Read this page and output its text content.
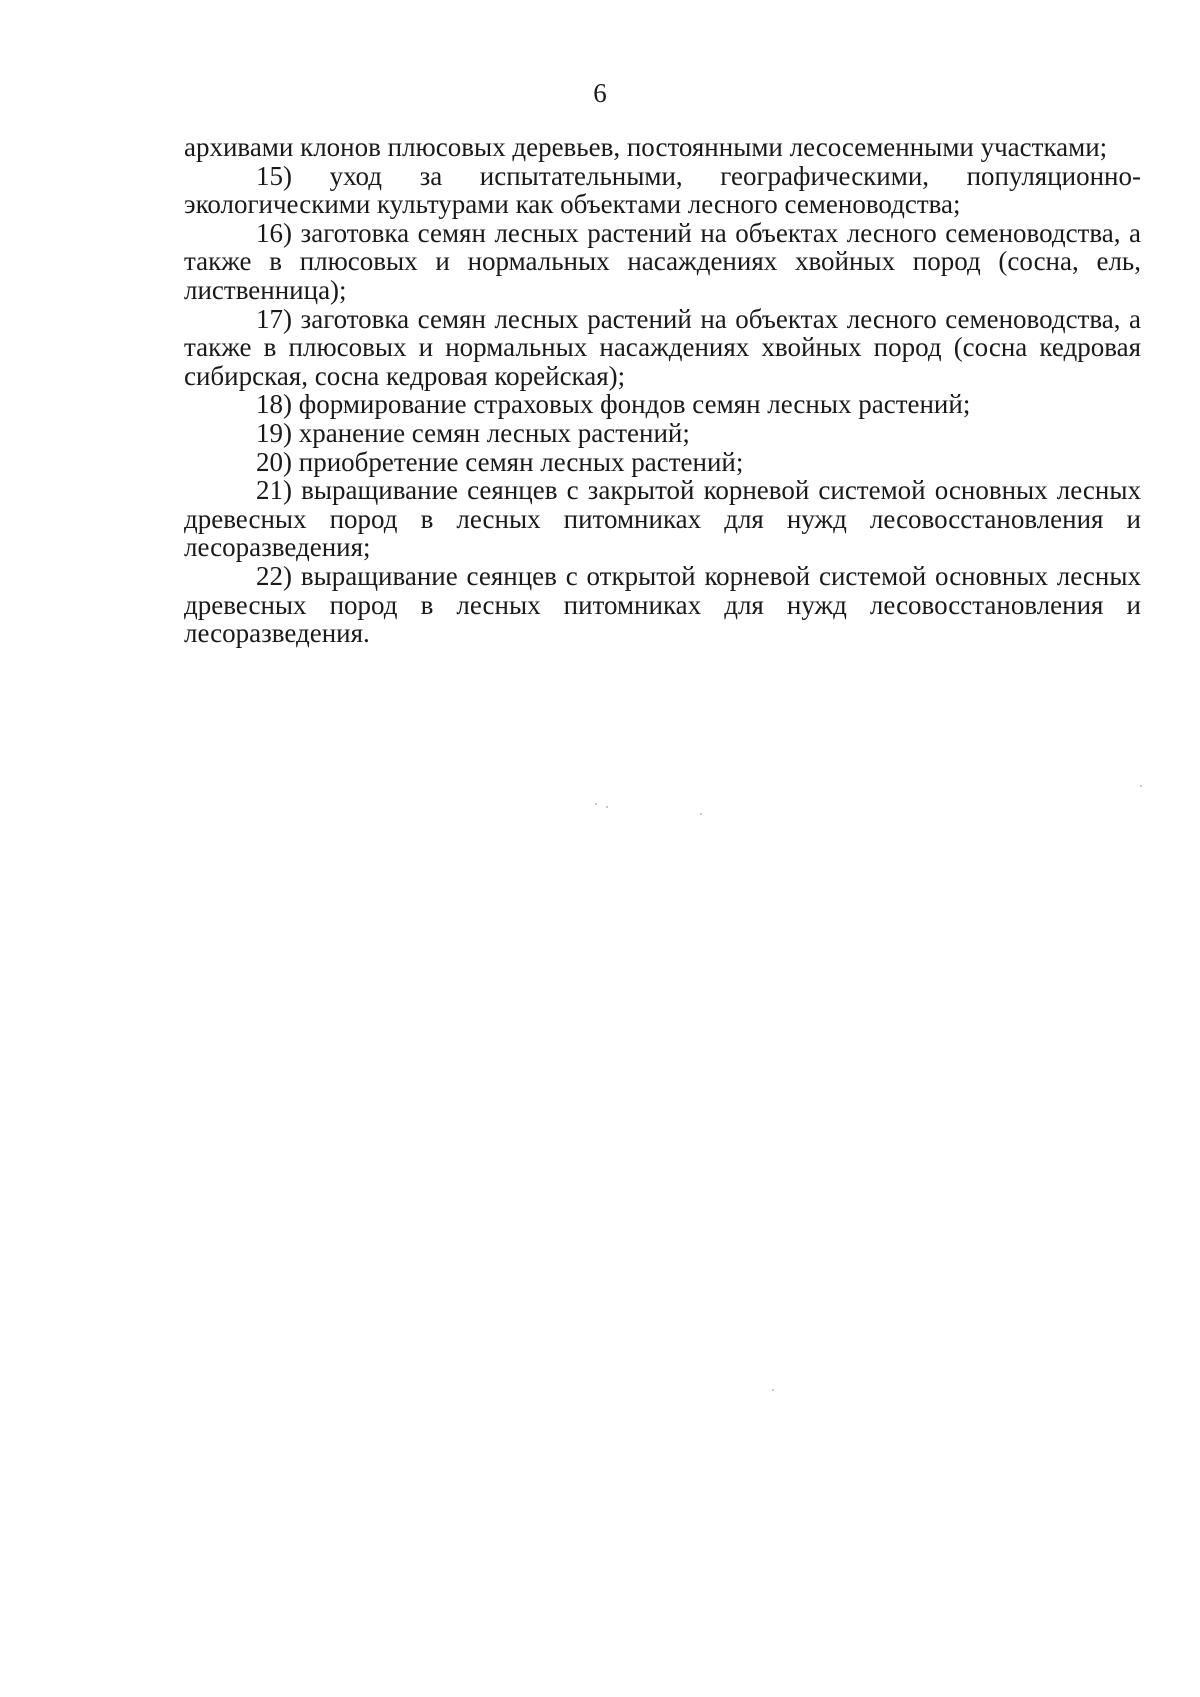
6

архивами клонов плюсовых деревьев, постоянными лесосеменными участками;

15) уход за испытательными, географическими, популяционно-экологическими культурами как объектами лесного семеноводства;

16) заготовка семян лесных растений на объектах лесного семеноводства, а также в плюсовых и нормальных насаждениях хвойных пород (сосна, ель, лиственница);

17) заготовка семян лесных растений на объектах лесного семеноводства, а также в плюсовых и нормальных насаждениях хвойных пород (сосна кедровая сибирская, сосна кедровая корейская);

18) формирование страховых фондов семян лесных растений;

19) хранение семян лесных растений;

20) приобретение семян лесных растений;

21) выращивание сеянцев с закрытой корневой системой основных лесных древесных пород в лесных питомниках для нужд лесовосстановления и лесоразведения;

22) выращивание сеянцев с открытой корневой системой основных лесных древесных пород в лесных питомниках для нужд лесовосстановления и лесоразведения.
